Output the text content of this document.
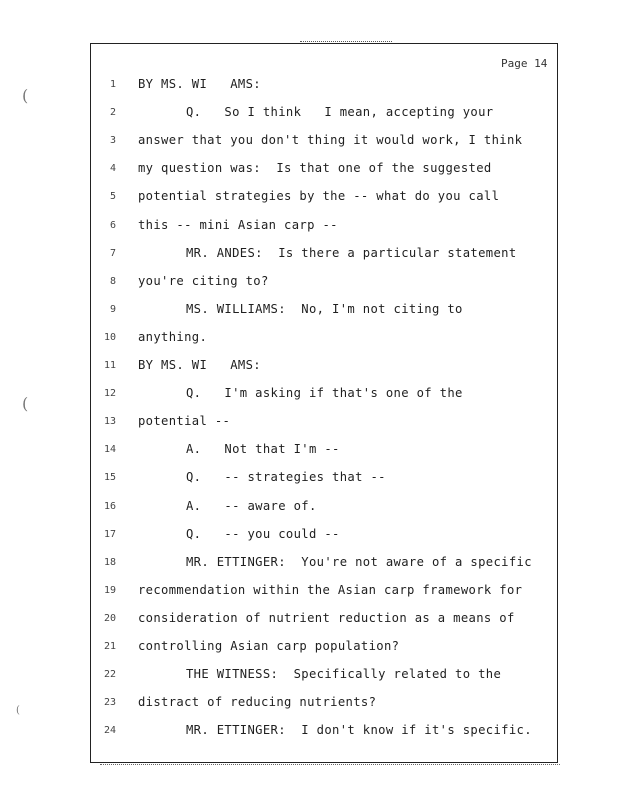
Page 14
(
(
(
1 BY MS. WI   AMS:
2	Q.   So I think   I mean, accepting your
3 answer that you don't thing it would work, I think
4 my question was:  Is that one of the suggested
5 potential strategies by the -- what do you call
6 this -- mini Asian carp --
7	MR. ANDES:  Is there a particular statement
8 you're citing to?
9	MS. WILLIAMS:  No, I'm not citing to
10 anything.
11 BY MS. WI   AMS:
12	Q.   I'm asking if that's one of the
13 potential --
14	A.   Not that I'm --
15	Q.   -- strategies that --
16	A.   -- aware of.
17	Q.   -- you could --
18	MR. ETTINGER:  You're not aware of a specific
19 recommendation within the Asian carp framework for
20 consideration of nutrient reduction as a means of
21 controlling Asian carp population?
22	THE WITNESS:  Specifically related to the
23 distract of reducing nutrients?
24	MR. ETTINGER:  I don't know if it's specific.
